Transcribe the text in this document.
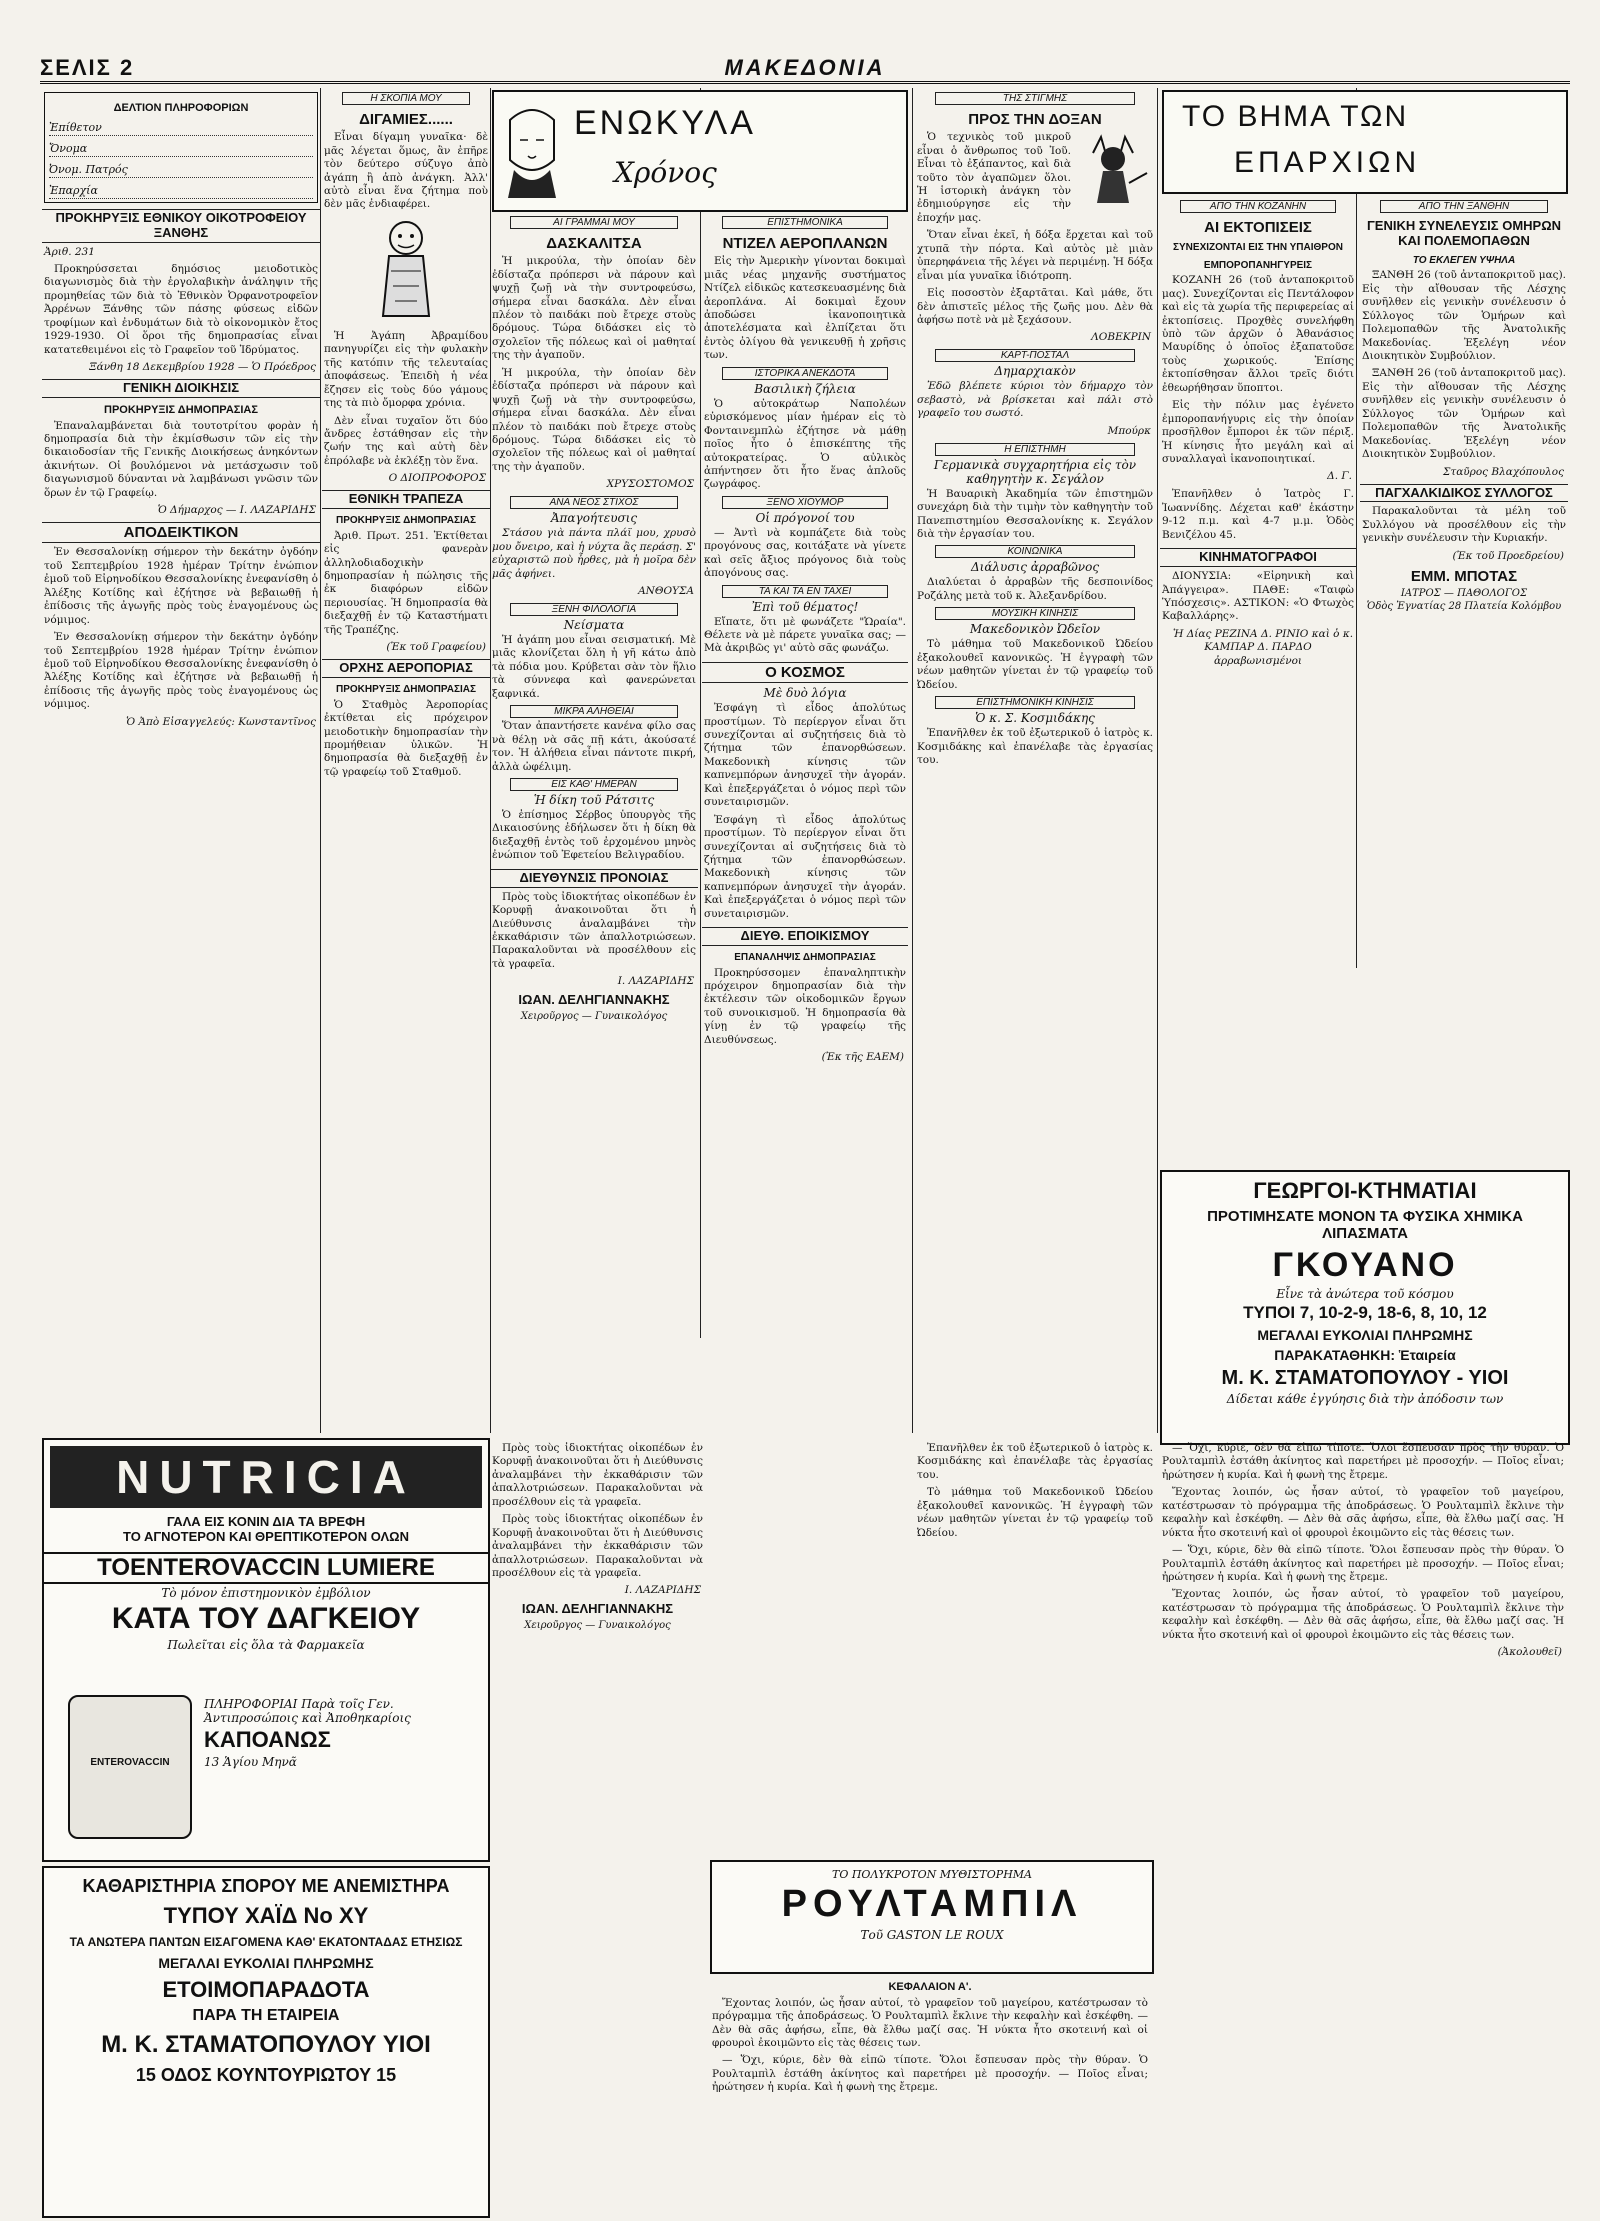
ΣΕΛΙΣ 2	ΜΑΚΕΔΟΝΙΑ
ΔΕΛΤΙΟΝ ΠΛΗΡΟΦΟΡΙΩΝ
Ἐπίθετον
Ὄνομα
Ὀνομ. Πατρός
Ἐπαρχία
ΠΡΟΚΗΡΥΞΙΣ ΕΘΝΙΚΟΥ ΟΙΚΟΤΡΟΦΕΙΟΥ ΞΑΝΘΗΣ
Ἀριθ. 231
Προκηρύσσεται δημόσιος μειοδοτικὸς διαγωνισμὸς διὰ τὴν ἐργολαβικὴν ἀνάληψιν τῆς προμηθείας τῶν διὰ τὸ Ἐθνικὸν Ὀρφανοτροφεῖον Ἀρρένων Ξάνθης τῶν πάσης φύσεως εἰδῶν τροφίμων καὶ ἐνδυμάτων διὰ τὸ οἰκονομικὸν ἔτος 1929-1930. Οἱ ὅροι τῆς δημοπρασίας εἶναι κατατεθειμένοι εἰς τὸ Γραφεῖον τοῦ Ἱδρύματος.
Ξάνθη 18 Δεκεμβρίου 1928 — Ὁ Πρόεδρος
ΓΕΝΙΚΗ ΔΙΟΙΚΗΣΙΣ
ΠΡΟΚΗΡΥΞΙΣ ΔΗΜΟΠΡΑΣΙΑΣ
Ἐπαναλαμβάνεται διὰ τουτοτρίτου φορὰν ἡ δημοπρασία διὰ τὴν ἐκμίσθωσιν τῶν εἰς τὴν δικαιοδοσίαν τῆς Γενικῆς Διοικήσεως ἀνηκόντων ἀκινήτων. Οἱ βουλόμενοι νὰ μετάσχωσιν τοῦ διαγωνισμοῦ δύνανται νὰ λαμβάνωσι γνῶσιν τῶν ὅρων ἐν τῷ Γραφείῳ.
Ὁ Δήμαρχος — Ι. ΛΑΖΑΡΙΔΗΣ
ΑΠΟΔΕΙΚΤΙΚΟΝ
Ἐν Θεσσαλονίκῃ σήμερον τὴν δεκάτην ὀγδόην τοῦ Σεπτεμβρίου 1928 ἡμέραν Τρίτην ἐνώπιον ἐμοῦ τοῦ Εἰρηνοδίκου Θεσσαλονίκης ἐνεφανίσθη ὁ Ἀλέξης Κοτίδης καὶ ἐζήτησε νὰ βεβαιωθῇ ἡ ἐπίδοσις τῆς ἀγωγῆς πρὸς τοὺς ἐναγομένους ὡς νόμιμος.
Ἐν Θεσσαλονίκῃ σήμερον τὴν δεκάτην ὀγδόην τοῦ Σεπτεμβρίου 1928 ἡμέραν Τρίτην ἐνώπιον ἐμοῦ τοῦ Εἰρηνοδίκου Θεσσαλονίκης ἐνεφανίσθη ὁ Ἀλέξης Κοτίδης καὶ ἐζήτησε νὰ βεβαιωθῇ ἡ ἐπίδοσις τῆς ἀγωγῆς πρὸς τοὺς ἐναγομένους ὡς νόμιμος.
Ὁ Ἀπὸ Εἰσαγγελεύς: Κωνσταντῖνος
Η ΣΚΟΠΙΑ ΜΟΥ
ΔΙΓΑΜΙΕΣ......
Εἶναι δίγαμη γυναῖκα· δὲ μᾶς λέγεται ὅμως, ἂν ἐπῆρε τὸν δεύτερο σύζυγο ἀπὸ ἀγάπη ἢ ἀπὸ ἀνάγκη. Ἀλλ' αὐτὸ εἶναι ἕνα ζήτημα ποὺ δὲν μᾶς ἐνδιαφέρει.
Ἡ Ἀγάπη Ἀβραμίδου πανηγυρίζει εἰς τὴν φυλακὴν τῆς κατόπιν τῆς τελευταίας ἀποφάσεως. Ἐπειδὴ ἡ νέα ἔζησεν εἰς τοὺς δύο γάμους της τὰ πιὸ ὄμορφα χρόνια.
Δὲν εἶναι τυχαῖον ὅτι δύο ἄνδρες ἐστάθησαν εἰς τὴν ζωήν της καὶ αὐτὴ δὲν ἐπρόλαβε νὰ ἐκλέξῃ τὸν ἕνα.
Ο ΔΙΟΠΡΟΦΟΡΟΣ
ΕΘΝΙΚΗ ΤΡΑΠΕΖΑ
ΠΡΟΚΗΡΥΞΙΣ ΔΗΜΟΠΡΑΣΙΑΣ
Ἀριθ. Πρωτ. 251. Ἐκτίθεται εἰς φανερὰν ἀλληλοδιαδοχικὴν δημοπρασίαν ἡ πώλησις τῆς ἐκ διαφόρων εἰδῶν περιουσίας. Ἡ δημοπρασία θὰ διεξαχθῇ ἐν τῷ Καταστήματι τῆς Τραπέζης.
(Ἐκ τοῦ Γραφείου)
ΟΡΧΗΣ ΑΕΡΟΠΟΡΙΑΣ
ΠΡΟΚΗΡΥΞΙΣ ΔΗΜΟΠΡΑΣΙΑΣ
Ὁ Σταθμὸς Ἀεροπορίας ἐκτίθεται εἰς πρόχειρον μειοδοτικὴν δημοπρασίαν τὴν προμήθειαν ὑλικῶν. Ἡ δημοπρασία θὰ διεξαχθῇ ἐν τῷ γραφείῳ τοῦ Σταθμοῦ.
ΕΝΩΚΥΛΑ
Χρόνος
ΑΙ ΓΡΑΜΜΑΙ ΜΟΥ
ΔΑΣΚΑΛΙΤΣΑ
Ἡ μικρούλα, τὴν ὁποίαν δὲν ἐδίσταζα πρόπερσι νὰ πάρουν καὶ ψυχῇ ζωῇ νὰ τὴν συντροφεύσω, σήμερα εἶναι δασκάλα. Δὲν εἶναι πλέον τὸ παιδάκι ποὺ ἔτρεχε στοὺς δρόμους. Τώρα διδάσκει εἰς τὸ σχολεῖον τῆς πόλεως καὶ οἱ μαθηταί της τὴν ἀγαποῦν.
Ἡ μικρούλα, τὴν ὁποίαν δὲν ἐδίσταζα πρόπερσι νὰ πάρουν καὶ ψυχῇ ζωῇ νὰ τὴν συντροφεύσω, σήμερα εἶναι δασκάλα. Δὲν εἶναι πλέον τὸ παιδάκι ποὺ ἔτρεχε στοὺς δρόμους. Τώρα διδάσκει εἰς τὸ σχολεῖον τῆς πόλεως καὶ οἱ μαθηταί της τὴν ἀγαποῦν.
ΧΡΥΣΟΣΤΟΜΟΣ
ΑΝΑ ΝΕΟΣ ΣΤΙΧΟΣ
Ἀπαγοήτευσις
Στάσου γιὰ πάντα πλάϊ μου, χρυσὸ μου ὄνειρο, καὶ ἡ νύχτα ἂς περάσῃ. Σ' εὐχαριστῶ ποὺ ἦρθες, μὰ ἡ μοῖρα δὲν μᾶς ἀφήνει.
ΑΝΘΟΥΣΑ
ΞΕΝΗ ΦΙΛΟΛΟΓΙΑ
Νείσματα
Ἡ ἀγάπη μου εἶναι σεισματική. Μὲ μιᾶς κλονίζεται ὅλη ἡ γῆ κάτω ἀπὸ τὰ πόδια μου. Κρύβεται σὰν τὸν ἥλιο τὰ σύννεφα καὶ φανερώνεται ξαφνικά.
ΜΙΚΡΑ ΑΛΗΘΕΙΑΙ
Ὅταν ἀπαντήσετε κανένα φίλο σας νὰ θέλῃ νὰ σᾶς πῇ κάτι, ἀκούσατέ τον. Ἡ ἀλήθεια εἶναι πάντοτε πικρή, ἀλλὰ ὠφέλιμη.
ΕΙΣ ΚΑΘ' ΗΜΕΡΑΝ
Ἡ δίκη τοῦ Ράτσιτς
Ὁ ἐπίσημος Σέρβος ὑπουργὸς τῆς Δικαιοσύνης ἐδήλωσεν ὅτι ἡ δίκη θὰ διεξαχθῇ ἐντὸς τοῦ ἐρχομένου μηνὸς ἐνώπιον τοῦ Ἐφετείου Βελιγραδίου.
ΔΙΕΥΘΥΝΣΙΣ ΠΡΟΝΟΙΑΣ
Πρὸς τοὺς ἰδιοκτήτας οἰκοπέδων ἐν Κορυφῇ ἀνακοινοῦται ὅτι ἡ Διεύθυνσις ἀναλαμβάνει τὴν ἐκκαθάρισιν τῶν ἀπαλλοτριώσεων. Παρακαλοῦνται νὰ προσέλθουν εἰς τὰ γραφεῖα.
Ι. ΛΑΖΑΡΙΔΗΣ
ΙΩΑΝ. ΔΕΛΗΓΙΑΝΝΑΚΗΣ
Χειροῦργος — Γυναικολόγος
ΕΠΙΣΤΗΜΟΝΙΚΑ
ΝΤΙΖΕΛ ΑΕΡΟΠΛΑΝΩΝ
Εἰς τὴν Ἀμερικὴν γίνονται δοκιμαὶ μιᾶς νέας μηχανῆς συστήματος Ντίζελ εἰδικῶς κατεσκευασμένης διὰ ἀεροπλάνα. Αἱ δοκιμαὶ ἔχουν ἀποδώσει ἱκανοποιητικὰ ἀποτελέσματα καὶ ἐλπίζεται ὅτι ἐντὸς ὀλίγου θὰ γενικευθῇ ἡ χρῆσις των.
ΙΣΤΟΡΙΚΑ ΑΝΕΚΔΟΤΑ
Βασιλικὴ ζήλεια
Ὁ αὐτοκράτωρ Ναπολέων εὐρισκόμενος μίαν ἡμέραν εἰς τὸ Φονταινεμπλὼ ἐζήτησε νὰ μάθῃ ποῖος ἦτο ὁ ἐπισκέπτης τῆς αὐτοκρατείρας. Ὁ αὐλικὸς ἀπήντησεν ὅτι ἦτο ἕνας ἁπλοῦς ζωγράφος.
ΞΕΝΟ ΧΙΟΥΜΟΡ
Οἱ πρόγονοί του
— Ἀντὶ νὰ κομπάζετε διὰ τοὺς προγόνους σας, κοιτάξατε νὰ γίνετε καὶ σεῖς ἄξιος πρόγονος διὰ τοὺς ἀπογόνους σας.
ΤΑ ΚΑΙ ΤΑ ΕΝ ΤΑΧΕΙ
Ἐπὶ τοῦ θέματος!
Εἴπατε, ὅτι μὲ φωνάζετε "Ὡραία". Θέλετε νὰ μὲ πάρετε γυναῖκα σας; — Μὰ ἀκριβῶς γι' αὐτὸ σᾶς φωνάζω.
Ο ΚΟΣΜΟΣ
Μὲ δυὸ λόγια
Ἐσφάγη τὶ εἶδος ἀπολύτως προστίμων. Τὸ περίεργον εἶναι ὅτι συνεχίζονται αἱ συζητήσεις διὰ τὸ ζήτημα τῶν ἐπανορθώσεων. Μακεδονικὴ κίνησις τῶν καπνεμπόρων ἀνησυχεῖ τὴν ἀγοράν. Καὶ ἐπεξεργάζεται ὁ νόμος περὶ τῶν συνεταιρισμῶν.
Ἐσφάγη τὶ εἶδος ἀπολύτως προστίμων. Τὸ περίεργον εἶναι ὅτι συνεχίζονται αἱ συζητήσεις διὰ τὸ ζήτημα τῶν ἐπανορθώσεων. Μακεδονικὴ κίνησις τῶν καπνεμπόρων ἀνησυχεῖ τὴν ἀγοράν. Καὶ ἐπεξεργάζεται ὁ νόμος περὶ τῶν συνεταιρισμῶν.
ΔΙΕΥΘ. ΕΠΟΙΚΙΣΜΟΥ
ΕΠΑΝΑΛΗΨΙΣ ΔΗΜΟΠΡΑΣΙΑΣ
Προκηρύσσομεν ἐπαναληπτικὴν πρόχειρον δημοπρασίαν διὰ τὴν ἐκτέλεσιν τῶν οἰκοδομικῶν ἔργων τοῦ συνοικισμοῦ. Ἡ δημοπρασία θὰ γίνῃ ἐν τῷ γραφείῳ τῆς Διευθύνσεως.
(Ἐκ τῆς ΕΑΕΜ)
ΤΗΣ ΣΤΙΓΜΗΣ
ΠΡΟΣ ΤΗΝ ΔΟΞΑΝ
Ὁ τεχνικὸς τοῦ μικροῦ εἶναι ὁ ἄνθρωπος τοῦ Ἰοῦ. Εἶναι τὸ ἐξάπαντος, καὶ διὰ τοῦτο τὸν ἀγαπῶμεν ὅλοι. Ἡ ἱστορικὴ ἀνάγκη τὸν ἐδημιούργησε εἰς τὴν ἐποχήν μας.
Ὅταν εἶναι ἐκεῖ, ἡ δόξα ἔρχεται καὶ τοῦ χτυπᾶ τὴν πόρτα. Καὶ αὐτὸς μὲ μιὰν ὑπερηφάνεια τῆς λέγει νὰ περιμένῃ. Ἡ δόξα εἶναι μία γυναῖκα ἰδιότροπη.
Εἰς ποσοστὸν ἐξαρτᾶται. Καὶ μάθε, ὅτι δὲν ἀπιστεῖς μέλος τῆς ζωῆς μου. Δὲν θὰ ἀφήσω ποτὲ νὰ μὲ ξεχάσουν.
ΛΟΒΕΚΡΙΝ
ΚΑΡΤ-ΠΟΣΤΑΛ
Δημαρχιακὸν
Ἐδῶ βλέπετε κύριοι τὸν δήμαρχο τὸν σεβαστὸ, νὰ βρίσκεται καὶ πάλι στὸ γραφεῖο του σωστό.
Μπούρκ
Η ΕΠΙΣΤΗΜΗ
Γερμανικὰ συγχαρητήρια εἰς τὸν καθηγητὴν κ. Σεγάλον
Ἡ Βαυαρικὴ Ἀκαδημία τῶν ἐπιστημῶν συνεχάρη διὰ τὴν τιμὴν τὸν καθηγητὴν τοῦ Πανεπιστημίου Θεσσαλονίκης κ. Σεγάλον διὰ τὴν ἐργασίαν του.
ΚΟΙΝΩΝΙΚΑ
Διάλυσις ἀρραβῶνος
Διαλύεται ὁ ἀρραβὼν τῆς δεσποινίδος Ροζάλης μετὰ τοῦ κ. Ἀλεξανδρίδου.
ΜΟΥΣΙΚΗ ΚΙΝΗΣΙΣ
Μακεδονικὸν Ὠδεῖον
Τὸ μάθημα τοῦ Μακεδονικοῦ Ὠδείου ἐξακολουθεῖ κανονικῶς. Ἡ ἐγγραφὴ τῶν νέων μαθητῶν γίνεται ἐν τῷ γραφείῳ τοῦ Ὠδείου.
ΕΠΙΣΤΗΜΟΝΙΚΗ ΚΙΝΗΣΙΣ
Ὁ κ. Σ. Κοσμιδάκης
Ἐπανῆλθεν ἐκ τοῦ ἐξωτερικοῦ ὁ ἰατρὸς κ. Κοσμιδάκης καὶ ἐπανέλαβε τὰς ἐργασίας του.
ΤΟ ΒΗΜΑ ΤΩΝ
ΕΠΑΡΧΙΩΝ
ΑΠΟ ΤΗΝ ΚΟΖΑΝΗΝ
ΑΙ ΕΚΤΟΠΙΣΕΙΣ
ΣΥΝΕΧΙΖΟΝΤΑΙ ΕΙΣ ΤΗΝ ΥΠΑΙΘΡΟΝ
ΕΜΠΟΡΟΠΑΝΗΓΥΡΕΙΣ
ΚΟΖΑΝΗ 26 (τοῦ ἀνταποκριτοῦ μας). Συνεχίζονται εἰς Πεντάλοφον καὶ εἰς τὰ χωρία τῆς περιφερείας αἱ ἐκτοπίσεις. Προχθὲς συνελήφθη ὑπὸ τῶν ἀρχῶν ὁ Ἀθανάσιος Μαυρίδης ὁ ὁποῖος ἐξαπατοῦσε τοὺς χωρικούς. Ἐπίσης ἐκτοπίσθησαν ἄλλοι τρεῖς διότι ἐθεωρήθησαν ὕποπτοι.
Εἰς τὴν πόλιν μας ἐγένετο ἐμποροπανήγυρις εἰς τὴν ὁποίαν προσῆλθον ἔμποροι ἐκ τῶν πέριξ. Ἡ κίνησις ἦτο μεγάλη καὶ αἱ συναλλαγαὶ ἱκανοποιητικαί.
Δ. Γ.
Ἐπανῆλθεν ὁ Ἰατρὸς Γ. Ἰωαννίδης. Δέχεται καθ' ἑκάστην 9-12 π.μ. καὶ 4-7 μ.μ. Ὁδὸς Βενιζέλου 45.
ΚΙΝΗΜΑΤΟΓΡΑΦΟΙ
ΔΙΟΝΥΣΙΑ: «Εἰρηνικὴ καὶ Ἀπάγγειρα». ΠΑΘΕ: «Ταιφὼ Ὑπόσχεσις». ΑΣΤΙΚΟΝ: «Ὁ Φτωχὸς Καβαλλάρης».
Ἡ Δίας ΡΕΖΙΝΑ Δ. ΡΙΝΙΟ καὶ ὁ κ. ΚΑΜΠΑΡ Δ. ΠΑΡΔΟ ἀρραβωνισμένοι
ΑΠΟ ΤΗΝ ΞΑΝΘΗΝ
ΓΕΝΙΚΗ ΣΥΝΕΛΕΥΣΙΣ ΟΜΗΡΩΝ ΚΑΙ ΠΟΛΕΜΟΠΑΘΩΝ
ΤΟ ΕΚΛΕΓΕΝ ΥΨΗΛΑ
ΞΑΝΘΗ 26 (τοῦ ἀνταποκριτοῦ μας). Εἰς τὴν αἴθουσαν τῆς Λέσχης συνῆλθεν εἰς γενικὴν συνέλευσιν ὁ Σύλλογος τῶν Ὁμήρων καὶ Πολεμοπαθῶν τῆς Ἀνατολικῆς Μακεδονίας. Ἐξελέγη νέον Διοικητικὸν Συμβούλιον.
ΞΑΝΘΗ 26 (τοῦ ἀνταποκριτοῦ μας). Εἰς τὴν αἴθουσαν τῆς Λέσχης συνῆλθεν εἰς γενικὴν συνέλευσιν ὁ Σύλλογος τῶν Ὁμήρων καὶ Πολεμοπαθῶν τῆς Ἀνατολικῆς Μακεδονίας. Ἐξελέγη νέον Διοικητικὸν Συμβούλιον.
Σταῦρος Βλαχόπουλος
ΠΑΓΧΑΛΚΙΔΙΚΟΣ ΣΥΛΛΟΓΟΣ
Παρακαλοῦνται τὰ μέλη τοῦ Συλλόγου νὰ προσέλθουν εἰς τὴν γενικὴν συνέλευσιν τὴν Κυριακήν.
(Ἐκ τοῦ Προεδρείου)
ΕΜΜ. ΜΠΟΤΑΣ
ΙΑΤΡΟΣ — ΠΑΘΟΛΟΓΟΣ
Ὁδὸς Ἐγνατίας 28 Πλατεία Κολόμβου
ΓΕΩΡΓΟΙ-ΚΤΗΜΑΤΙΑΙ
ΠΡΟΤΙΜΗΣΑΤΕ ΜΟΝΟΝ ΤΑ ΦΥΣΙΚΑ ΧΗΜΙΚΑ ΛΙΠΑΣΜΑΤΑ
ΓΚΟΥΑΝΟ
Εἶνε τὰ ἀνώτερα τοῦ κόσμου
ΤΥΠΟΙ 7, 10-2-9, 18-6, 8, 10, 12
ΜΕΓΑΛΑΙ ΕΥΚΟΛΙΑΙ ΠΛΗΡΩΜΗΣ
ΠΑΡΑΚΑΤΑΘΗΚΗ: Ἑταιρεία
Μ. Κ. ΣΤΑΜΑΤΟΠΟΥΛΟΥ - ΥΙΟΙ
Δίδεται κάθε ἐγγύησις διὰ τὴν ἀπόδοσιν των
NUTRICIA
ΓΑΛΑ ΕΙΣ ΚΟΝΙΝ ΔΙΑ ΤΑ ΒΡΕΦΗ
ΤΟ ΑΓΝΟΤΕΡΟΝ ΚΑΙ ΘΡΕΠΤΙΚΟΤΕΡΟΝ ΟΛΩΝ
TOENTEROVACCIN LUMIERE
Τὸ μόνον ἐπιστημονικὸν ἐμβόλιον
ΚΑΤΑ ΤΟΥ ΔΑΓΚΕΙΟΥ
Πωλεῖται εἰς ὅλα τὰ Φαρμακεῖα
ENTEROVACCIN
ΠΛΗΡΟΦΟΡΙΑΙ Παρὰ τοῖς Γεν. Ἀντιπροσώποις καὶ Ἀποθηκαρίοις
ΚΑΠΟΑΝΩΣ
13 Ἁγίου Μηνᾶ
ΚΑΘΑΡΙΣΤΗΡΙΑ ΣΠΟΡΟΥ ΜΕ ΑΝΕΜΙΣΤΗΡΑ
ΤΥΠΟΥ ΧΑΪΔ Νο ΧΥ
ΤΑ ΑΝΩΤΕΡΑ ΠΑΝΤΩΝ ΕΙΣΑΓΟΜΕΝΑ ΚΑΘ' ΕΚΑΤΟΝΤΑΔΑΣ ΕΤΗΣΙΩΣ
ΜΕΓΑΛΑΙ ΕΥΚΟΛΙΑΙ ΠΛΗΡΩΜΗΣ
ΕΤΟΙΜΟΠΑΡΑΔΟΤΑ
ΠΑΡΑ ΤΗ ΕΤΑΙΡΕΙΑ
Μ. Κ. ΣΤΑΜΑΤΟΠΟΥΛΟΥ ΥΙΟΙ
15 ΟΔΟΣ ΚΟΥΝΤΟΥΡΙΩΤΟΥ 15
ΤΟ ΠΟΛΥΚΡΟΤΟΝ ΜΥΘΙΣΤΟΡΗΜΑ
ΡΟΥΛΤΑΜΠΙΛ
Τοῦ GASTON LE ROUX
ΚΕΦΑΛΑΙΟΝ Α'.
Ἔχοντας λοιπόν, ὡς ἦσαν αὐτοί, τὸ γραφεῖον τοῦ μαγείρου, κατέστρωσαν τὸ πρόγραμμα τῆς ἀποδράσεως. Ὁ Ρουλταμπὶλ ἔκλινε τὴν κεφαλὴν καὶ ἐσκέφθη. — Δὲν θὰ σᾶς ἀφήσω, εἶπε, θὰ ἔλθω μαζί σας. Ἡ νύκτα ἦτο σκοτεινή καὶ οἱ φρουροὶ ἐκοιμῶντο εἰς τὰς θέσεις των.
— Ὅχι, κύριε, δὲν θὰ εἰπῶ τίποτε. Ὅλοι ἔσπευσαν πρὸς τὴν θύραν. Ὁ Ρουλταμπὶλ ἐστάθη ἀκίνητος καὶ παρετήρει μὲ προσοχήν. — Ποῖος εἶναι; ἠρώτησεν ἡ κυρία. Καὶ ἡ φωνὴ της ἔτρεμε.
— Ὅχι, κύριε, δὲν θὰ εἰπῶ τίποτε. Ὅλοι ἔσπευσαν πρὸς τὴν θύραν. Ὁ Ρουλταμπὶλ ἐστάθη ἀκίνητος καὶ παρετήρει μὲ προσοχήν. — Ποῖος εἶναι; ἠρώτησεν ἡ κυρία. Καὶ ἡ φωνὴ της ἔτρεμε.
Ἔχοντας λοιπόν, ὡς ἦσαν αὐτοί, τὸ γραφεῖον τοῦ μαγείρου, κατέστρωσαν τὸ πρόγραμμα τῆς ἀποδράσεως. Ὁ Ρουλταμπὶλ ἔκλινε τὴν κεφαλὴν καὶ ἐσκέφθη. — Δὲν θὰ σᾶς ἀφήσω, εἶπε, θὰ ἔλθω μαζί σας. Ἡ νύκτα ἦτο σκοτεινή καὶ οἱ φρουροὶ ἐκοιμῶντο εἰς τὰς θέσεις των.
— Ὅχι, κύριε, δὲν θὰ εἰπῶ τίποτε. Ὅλοι ἔσπευσαν πρὸς τὴν θύραν. Ὁ Ρουλταμπὶλ ἐστάθη ἀκίνητος καὶ παρετήρει μὲ προσοχήν. — Ποῖος εἶναι; ἠρώτησεν ἡ κυρία. Καὶ ἡ φωνὴ της ἔτρεμε.
Ἔχοντας λοιπόν, ὡς ἦσαν αὐτοί, τὸ γραφεῖον τοῦ μαγείρου, κατέστρωσαν τὸ πρόγραμμα τῆς ἀποδράσεως. Ὁ Ρουλταμπὶλ ἔκλινε τὴν κεφαλὴν καὶ ἐσκέφθη. — Δὲν θὰ σᾶς ἀφήσω, εἶπε, θὰ ἔλθω μαζί σας. Ἡ νύκτα ἦτο σκοτεινή καὶ οἱ φρουροὶ ἐκοιμῶντο εἰς τὰς θέσεις των.
(Ἀκολουθεῖ)
Πρὸς τοὺς ἰδιοκτήτας οἰκοπέδων ἐν Κορυφῇ ἀνακοινοῦται ὅτι ἡ Διεύθυνσις ἀναλαμβάνει τὴν ἐκκαθάρισιν τῶν ἀπαλλοτριώσεων. Παρακαλοῦνται νὰ προσέλθουν εἰς τὰ γραφεῖα.
Πρὸς τοὺς ἰδιοκτήτας οἰκοπέδων ἐν Κορυφῇ ἀνακοινοῦται ὅτι ἡ Διεύθυνσις ἀναλαμβάνει τὴν ἐκκαθάρισιν τῶν ἀπαλλοτριώσεων. Παρακαλοῦνται νὰ προσέλθουν εἰς τὰ γραφεῖα.
Ι. ΛΑΖΑΡΙΔΗΣ
ΙΩΑΝ. ΔΕΛΗΓΙΑΝΝΑΚΗΣ
Χειροῦργος — Γυναικολόγος
Ἐπανῆλθεν ἐκ τοῦ ἐξωτερικοῦ ὁ ἰατρὸς κ. Κοσμιδάκης καὶ ἐπανέλαβε τὰς ἐργασίας του.
Τὸ μάθημα τοῦ Μακεδονικοῦ Ὠδείου ἐξακολουθεῖ κανονικῶς. Ἡ ἐγγραφὴ τῶν νέων μαθητῶν γίνεται ἐν τῷ γραφείῳ τοῦ Ὠδείου.
